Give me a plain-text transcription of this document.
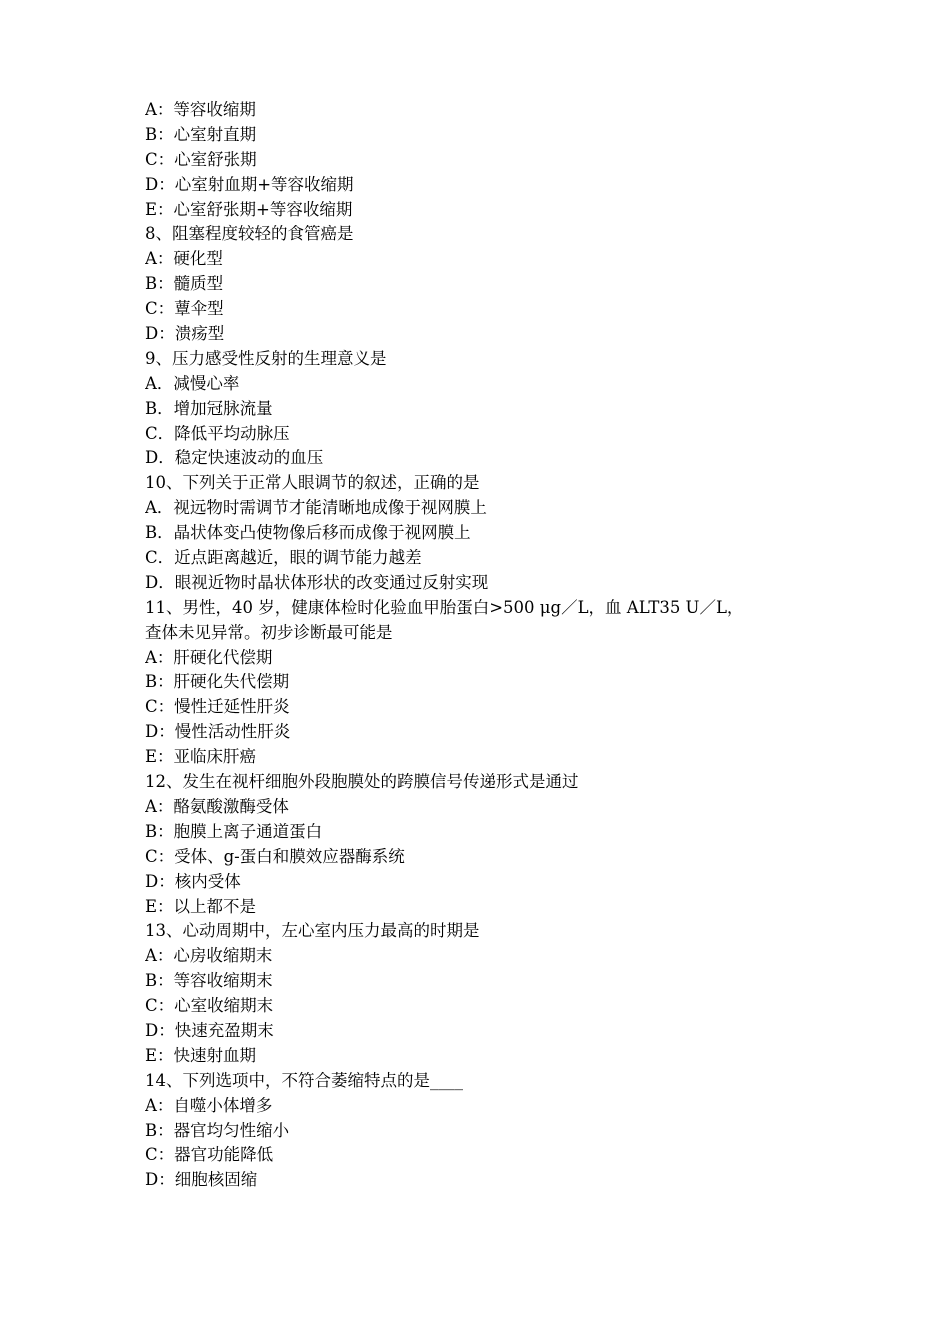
A：等容收缩期
B：心室射直期
C：心室舒张期
D：心室射血期+等容收缩期
E：心室舒张期+等容收缩期
8、阻塞程度较轻的食管癌是
A：硬化型
B：髓质型
C：蕈伞型
D：溃疡型
9、压力感受性反射的生理意义是
A．减慢心率
B．增加冠脉流量
C．降低平均动脉压
D．稳定快速波动的血压
10、下列关于正常人眼调节的叙述，正确的是
A．视远物时需调节才能清晰地成像于视网膜上
B．晶状体变凸使物像后移而成像于视网膜上
C．近点距离越近，眼的调节能力越差
D．眼视近物时晶状体形状的改变通过反射实现
11、男性，40 岁，健康体检时化验血甲胎蛋白>500 μg／L，血 ALT35 U／L，
查体未见异常。初步诊断最可能是
A：肝硬化代偿期
B：肝硬化失代偿期
C：慢性迁延性肝炎
D：慢性活动性肝炎
E：亚临床肝癌
12、发生在视杆细胞外段胞膜处的跨膜信号传递形式是通过
A：酪氨酸激酶受体
B：胞膜上离子通道蛋白
C：受体、g-蛋白和膜效应器酶系统
D：核内受体
E：以上都不是
13、心动周期中，左心室内压力最高的时期是
A：心房收缩期末
B：等容收缩期末
C：心室收缩期末
D：快速充盈期末
E：快速射血期
14、下列选项中，不符合萎缩特点的是____
A：自噬小体增多
B：器官均匀性缩小
C：器官功能降低
D：细胞核固缩
